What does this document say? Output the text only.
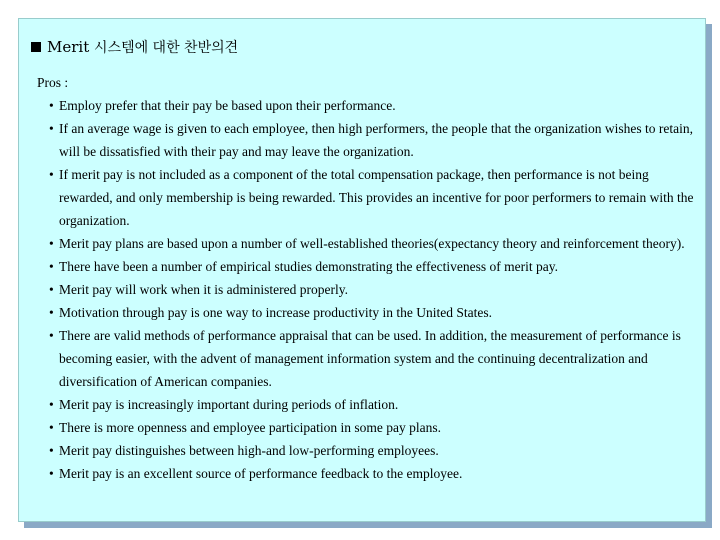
Merit 시스템에 대한 찬반의견

Pros :

• Employ prefer that their pay be based upon their performance.
• If an average wage is given to each employee, then high performers, the people that the organization wishes to retain, will be dissatisfied with their pay and may leave the organization.
• If merit pay is not included as a component of the total compensation package, then performance is not being rewarded, and only membership is being rewarded. This provides an incentive for poor performers to remain with the organization.
• Merit pay plans are based upon a number of well-established theories(expectancy theory and reinforcement theory).
• There have been a number of empirical studies demonstrating the effectiveness of merit pay.
• Merit pay will work when it is administered properly.
• Motivation through pay is one way to increase productivity in the United States.
• There are valid methods of performance appraisal that can be used. In addition, the measurement of performance is becoming easier, with the advent of management information system and the continuing decentralization and diversification of American companies.
• Merit pay is increasingly important during periods of inflation.
• There is more openness and employee participation in some pay plans.
• Merit pay distinguishes between high-and low-performing employees.
• Merit pay is an excellent source of performance feedback to the employee.
